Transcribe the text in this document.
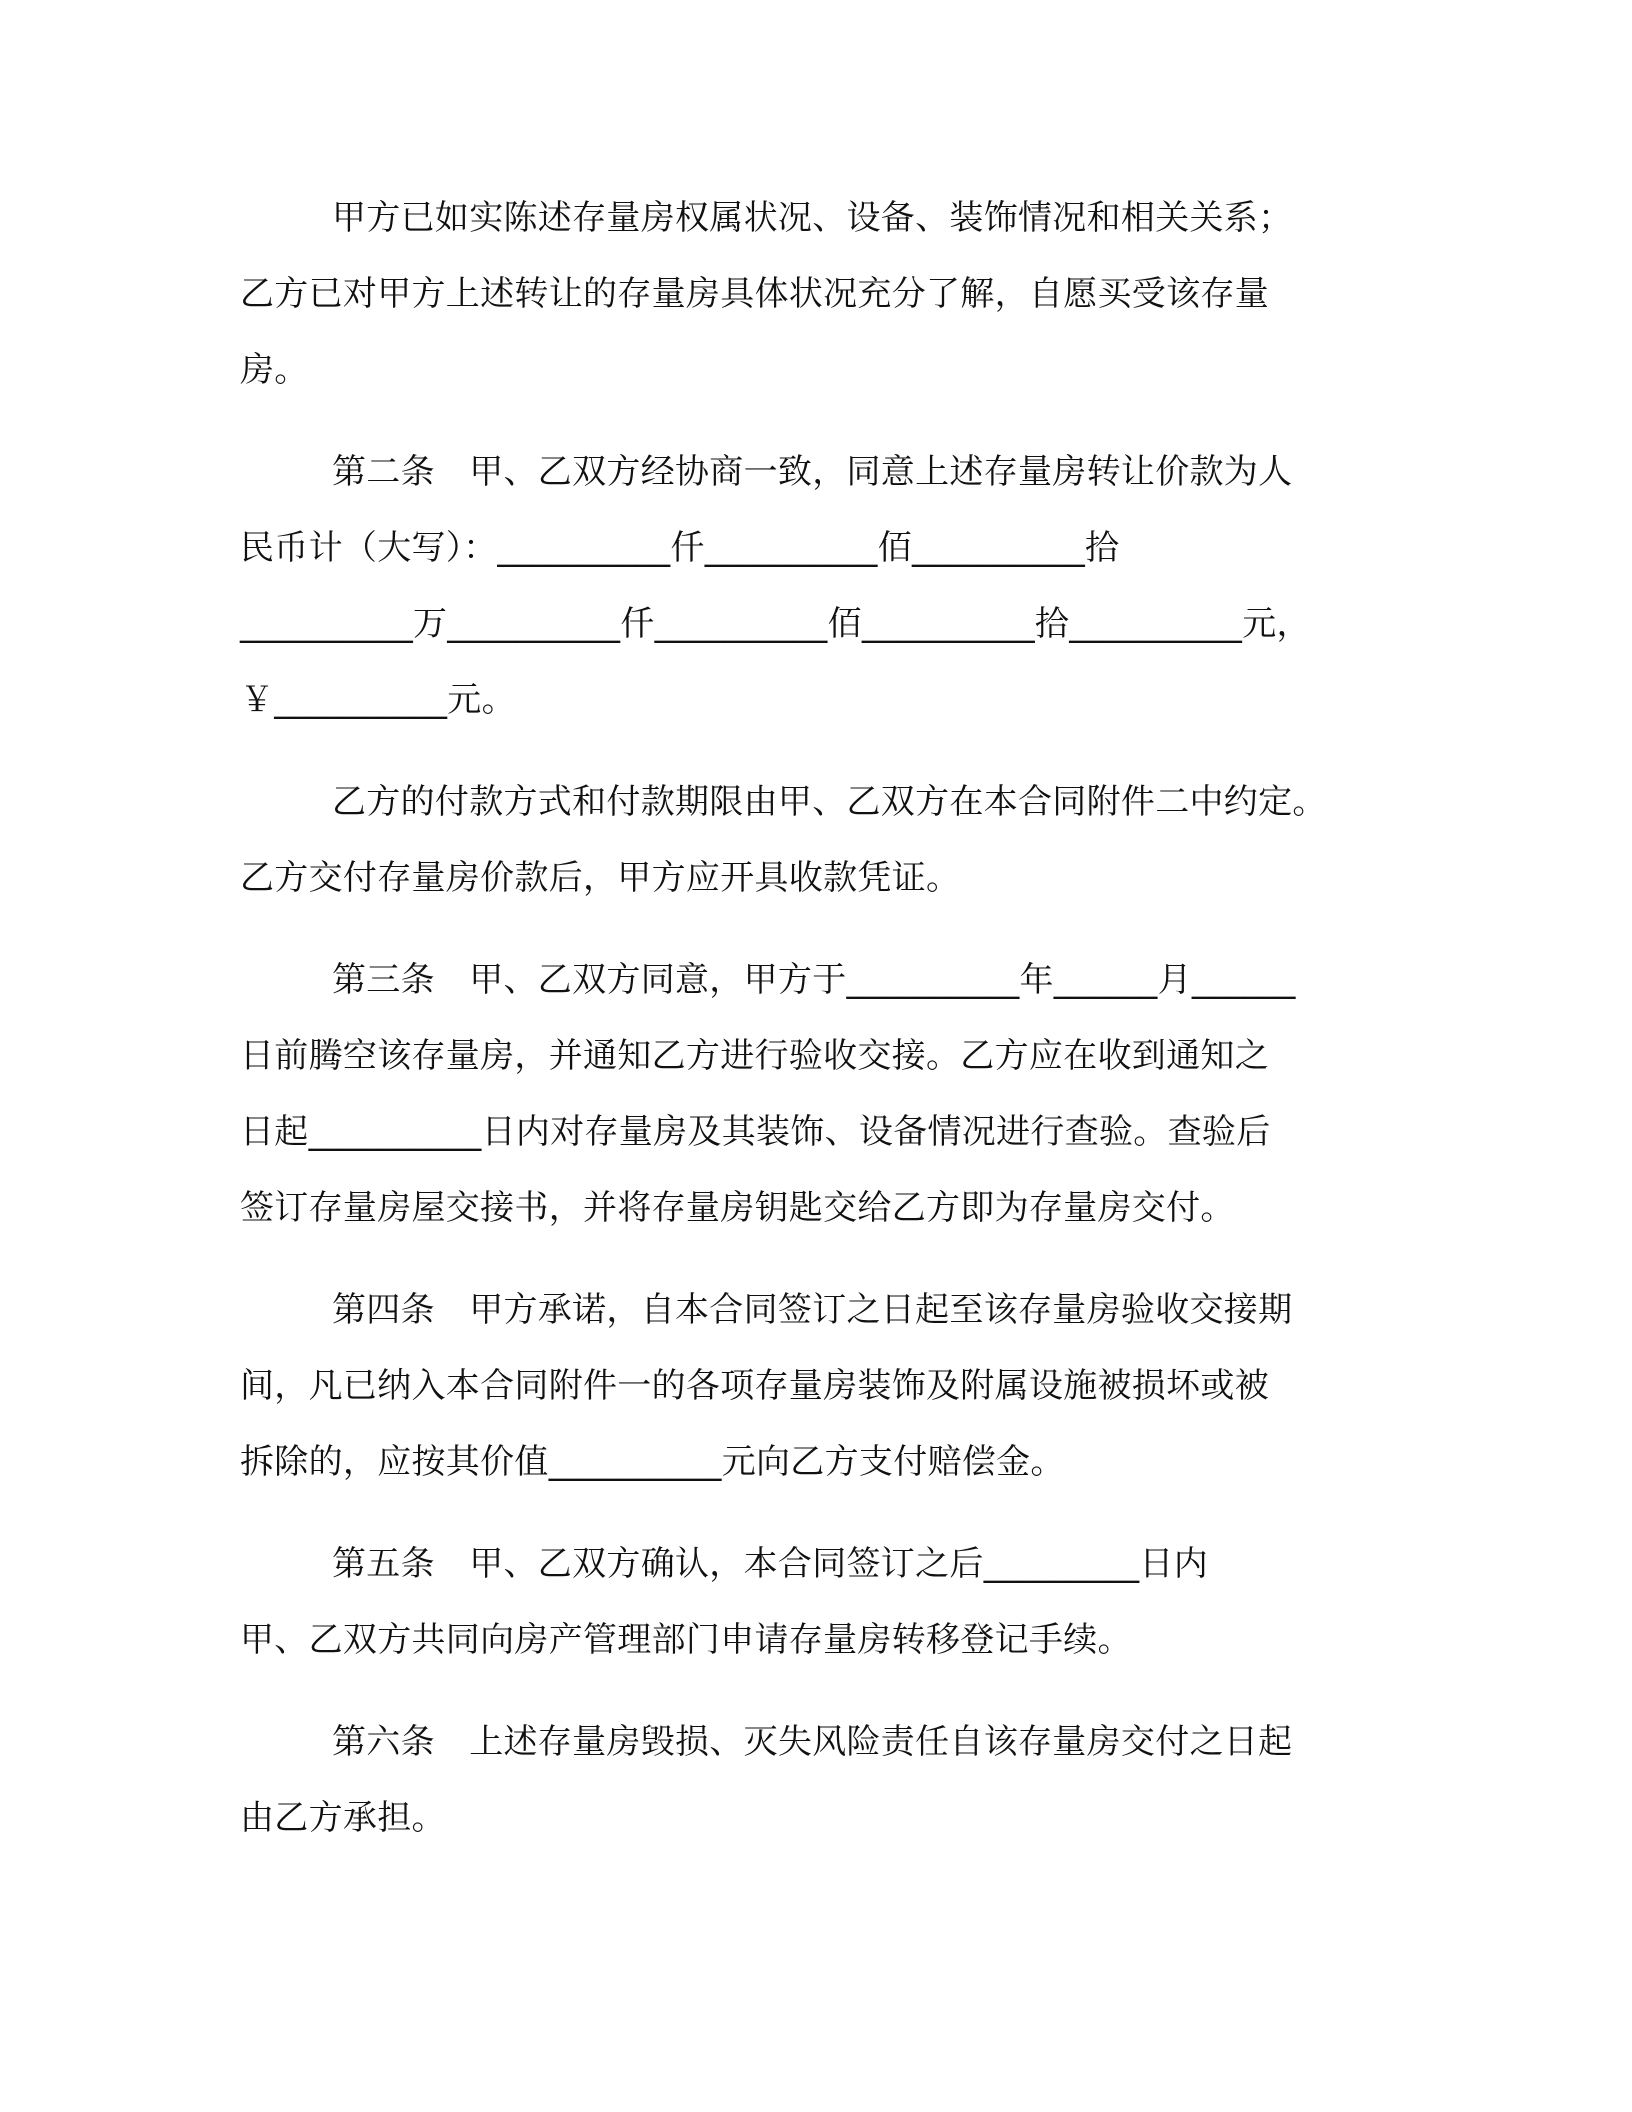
甲方已如实陈述存量房权属状况、设备、装饰情况和相关关系；

乙方已对甲方上述转让的存量房具体状况充分了解，自愿买受该存量

房。

第二条　甲、乙双方经协商一致，同意上述存量房转让价款为人

民币计（大写）：__________仟__________佰__________拾

__________万__________仟__________佰__________拾__________元，

￥__________元。

乙方的付款方式和付款期限由甲、乙双方在本合同附件二中约定。

乙方交付存量房价款后，甲方应开具收款凭证。

第三条　甲、乙双方同意，甲方于__________年______月______

日前腾空该存量房，并通知乙方进行验收交接。乙方应在收到通知之

日起__________日内对存量房及其装饰、设备情况进行查验。查验后

签订存量房屋交接书，并将存量房钥匙交给乙方即为存量房交付。

第四条　甲方承诺，自本合同签订之日起至该存量房验收交接期

间，凡已纳入本合同附件一的各项存量房装饰及附属设施被损坏或被

拆除的，应按其价值__________元向乙方支付赔偿金。

第五条　甲、乙双方确认，本合同签订之后_________日内

甲、乙双方共同向房产管理部门申请存量房转移登记手续。

第六条　上述存量房毁损、灭失风险责任自该存量房交付之日起

由乙方承担。
